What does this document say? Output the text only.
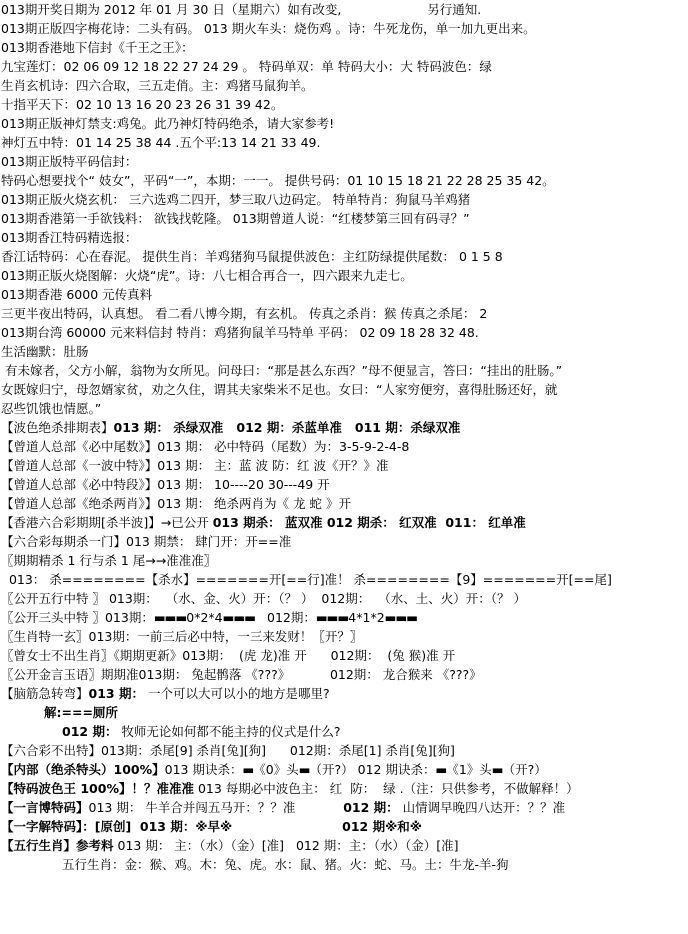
013期开奖日期为 2012 年 01 月 30 日（星期六）如有改变,	另行通知.
013期正版四字梅花诗：二头有码。 013 期火车头：烧伤鸡 。诗：牛死龙伤，单一加九更出来。
013期香港地下信封《千王之王》：
九宝莲灯：02 06 09 12 18 22 27 24 29 。 特码单双：单 特码大小：大 特码波色：绿
生肖玄机诗：四六合取，三五走俏。主：鸡猪马鼠狗羊。
十指平天下：02 10 13 16 20 23 26 31 39 42。
013期正版神灯禁支:鸡兔。此乃神灯特码绝杀，请大家参考!
神灯五中特：01 14 25 38 44 .五个平:13 14 21 33 49.
013期正版特平码信封：
特码心想要找个“ 妓女”，平码“一”，本期：一一。 提供号码：01 10 15 18 21 22 28 25 35 42。
013期正版火烧玄机： 三六选鸡二四开，梦三取八边码定。 特单特肖：狗鼠马羊鸡猪
013期香港第一手欲钱料： 欲钱找乾隆。 013期曾道人说：“红楼梦第三回有码寻？”
013期香江特码精选报：
香江话特码：心在春泥。 提供生肖：羊鸡猪狗马鼠提供波色：主红防绿提供尾数： 0 1 5 8
013期正版火烧图解：火烧“虎”。诗：八七相合再合一，四六跟来九走七。
013期香港 6000 元传真料
三更半夜出特码，认真想。 看二看八博今期，有玄机。 传真之杀肖：猴 传真之杀尾： 2
013期台湾 60000 元来料信封 特肖：鸡猪狗鼠羊马特单 平码： 02 09 18 28 32 48.
生活幽默：肚肠
有未嫁者，父方小解，翁物为女所见。问母曰：“那是甚么东西？”母不便显言，答曰：“挂出的肚肠。”
女既嫁归宁，母忽婿家贫，劝之久住，谓其夫家柴米不足也。女曰：“人家穷便穷，喜得肚肠还好，就
忍些饥饿也情愿。”
【波色绝杀排期表】013 期： 杀绿双准   012 期：杀蓝单准   011 期：杀绿双准
【曾道人总部《必中尾数》】013 期： 必中特码（尾数）为：3-5-9-2-4-8
【曾道人总部《一波中特》】013 期： 主：蓝 波 防：红 波《开？》准
【曾道人总部《必中特段》】013 期： 10----20 30---49 开
【曾道人总部《绝杀两肖》】013 期： 绝杀两肖为《 龙 蛇 》开
【香港六合彩期期[杀半波]】→已公开 013 期杀： 蓝双准 012 期杀： 红双准  011： 红单准
【六合彩每期杀一门】013 期禁： 肆门开：开==准
〖期期精杀 1 行与杀 1 尾→→准准准〗
013： 杀========【杀水】=======开[==行]准！ 杀========【9】=======开[==尾]
〖公开五行中特 〗 013期：  （水、金、火）开：（？ ）  012期：  （水、土、火）开：（？ ）
〖公开三头中特 〗013期：▬▬▬0*2*4▬▬▬   012期：▬▬▬4*1*2▬▬▬
〖生肖特一玄〗013期：一前三后必中特，一三来发财！〖开？〗
〖曾女士不出生肖〗《期期更新》013期：  (虎 龙)准 开      012期：  (兔 猴)准 开
〖公开金言玉语〗期期准013期： 兔起鹘落 《???》          012期： 龙合猴来 《???》
【脑筋急转弯】013 期： 一个可以大可以小的地方是哪里?
解:===厕所
012 期： 牧师无论如何都不能主持的仪式是什么?
【六合彩不出特】013期：杀尾[9] 杀肖[兔][狗]      012期：杀尾[1] 杀肖[兔][狗]
【内部（绝杀特头）100%】013 期诀杀：▬《0》头▬（开?） 012 期诀杀：▬《1》头▬（开?）
【特码波色王 100%】！？准准准 013 每期必中波色主： 红  防：  绿 .（注：只供参考，不做解释！）
【一言博特码】013 期： 牛羊合并闯五马开：？？准           012 期： 山情调早晚四八达开：？？准
【一字解特码】：[原创]  013 期：※早※	012 期※和※
【五行生肖】参考料 013 期： 主：（水）（金）[准]   012 期：主：（水）（金）[准]
五行生肖：金：猴、鸡。木：兔、虎。水：鼠、猪。火：蛇、马。土：牛龙-羊-狗
